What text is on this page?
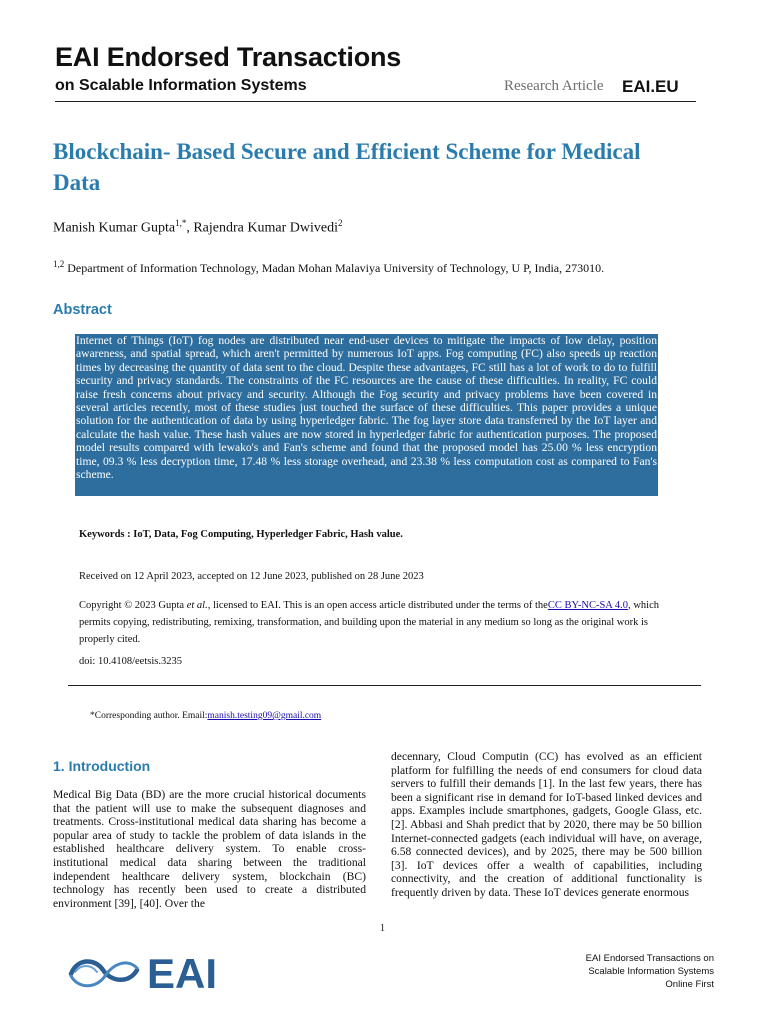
EAI Endorsed Transactions
on Scalable Information Systems	Research Article EAI.EU
Blockchain- Based Secure and Efficient Scheme for Medical Data
Manish Kumar Gupta$^{1,*}$, Rajendra Kumar Dwivedi$^2$
$^{1,2}$ Department of Information Technology, Madan Mohan Malaviya University of Technology, U P, India, 273010.
Abstract
Internet of Things (IoT) fog nodes are distributed near end-user devices to mitigate the impacts of low delay, position awareness, and spatial spread, which aren't permitted by numerous IoT apps. Fog computing (FC) also speeds up reaction times by decreasing the quantity of data sent to the cloud. Despite these advantages, FC still has a lot of work to do to fulfill security and privacy standards. The constraints of the FC resources are the cause of these difficulties. In reality, FC could raise fresh concerns about privacy and security. Although the Fog security and privacy problems have been covered in several articles recently, most of these studies just touched the surface of these difficulties. This paper provides a unique solution for the authentication of data by using hyperledger fabric. The fog layer store data transferred by the IoT layer and calculate the hash value. These hash values are now stored in hyperledger fabric for authentication purposes. The proposed model results compared with lewako's and Fan's scheme and found that the proposed model has 25.00 % less encryption time, 09.3 % less decryption time, 17.48 % less storage overhead, and 23.38 % less computation cost as compared to Fan's scheme.
Keywords : IoT, Data, Fog Computing, Hyperledger Fabric, Hash value.
Received on 12 April 2023, accepted on 12 June 2023, published on 28 June 2023
Copyright © 2023 Gupta et al., licensed to EAI. This is an open access article distributed under the terms of theCC BY-NC-SA 4.0, which permits copying, redistributing, remixing, transformation, and building upon the material in any medium so long as the original work is properly cited.
doi: 10.4108/eetsis.3235
*Corresponding author. Email:manish.testing09@gmail.com
1. Introduction
Medical Big Data (BD) are the more crucial historical documents that the patient will use to make the subsequent diagnoses and treatments. Cross-institutional medical data sharing has become a popular area of study to tackle the problem of data islands in the established healthcare delivery system. To enable cross-institutional medical data sharing between the traditional independent healthcare delivery system, blockchain (BC) technology has recently been used to create a distributed environment [39], [40]. Over the
decennary, Cloud Computin (CC) has evolved as an efficient platform for fulfilling the needs of end consumers for cloud data servers to fulfill their demands [1]. In the last few years, there has been a significant rise in demand for IoT-based linked devices and apps. Examples include smartphones, gadgets, Google Glass, etc. [2]. Abbasi and Shah predict that by 2020, there may be 50 billion Internet-connected gadgets (each individual will have, on average, 6.58 connected devices), and by 2025, there may be 500 billion [3]. IoT devices offer a wealth of capabilities, including connectivity, and the creation of additional functionality is frequently driven by data. These IoT devices generate enormous
1
EAI	EAI Endorsed Transactions on
Scalable Information Systems
Online First
